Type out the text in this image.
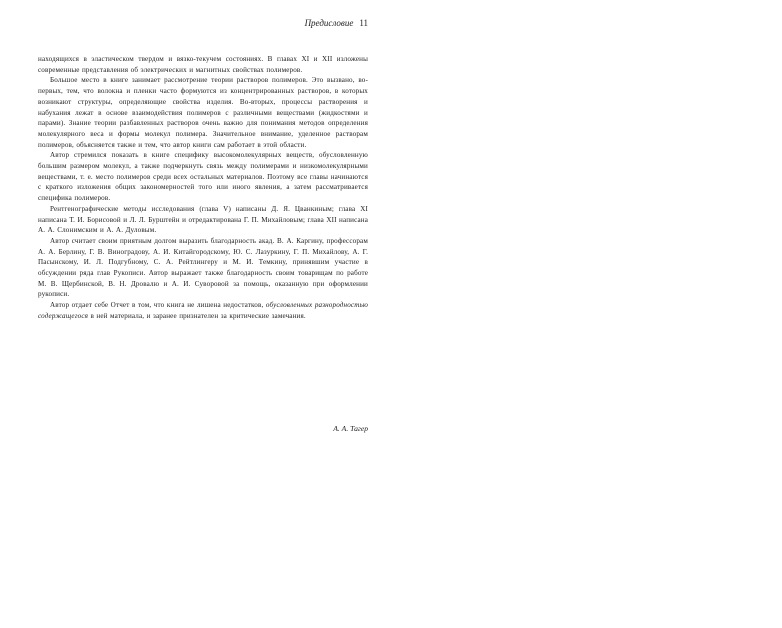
Предисловие 11

находящихся в эластическом твердом и вязко-текучем состояниях. В главах XI и XII изложены современные представления об электрических и магнитных свойствах полимеров.

Большое место в книге занимает рассмотрение теории растворов полимеров. Это вызвано, во-первых, тем, что волокна и пленки часто формуются из концентрированных растворов, в которых возникают структуры, определяющие свойства изделия. Во-вторых, процессы растворения и набухания лежат в основе взаимодействия полимеров с различными веществами (жидкостями и парами). Знание теории разбавленных растворов очень важно для понимания методов определения молекулярного веса и формы молекул полимера. Значительное внимание, уделенное растворам полимеров, объясняется также и тем, что автор книги сам работает в этой области.

Автор стремился показать в книге специфику высокомолекулярных веществ, обусловленную большим размером молекул, а также подчеркнуть связь между полимерами и низкомолекулярными веществами, т. е. место полимеров среди всех остальных материалов. Поэтому все главы начинаются с краткого изложения общих закономерностей того или иного явления, а затем рассматривается специфика полимеров.

Рентгенографические методы исследования (глава V) написаны Д. Я. Цванкиным; глава XI написана Т. И. Борисовой и Л. Л. Бурштейн и отредактирована Г. П. Михайловым; глава XII написана А. А. Слонимским и А. А. Дуловым.

Автор считает своим приятным долгом выразить благодарность акад. В. А. Каргину, профессорам А. А. Берлину, Г. В. Виноградову, А. И. Китайгородскому, Ю. С. Лазуркину, Г. П. Михайлову, А. Г. Пасынскому, И. Л. Подгубному, С. А. Рейтлингеру и М. И. Темкину, принявшим участие в обсуждении ряда глав Рукописи. Автор выражает также благодарность своим товарищам по работе М. В. Щербинской, В. Н. Дровалю и А. И. Суворовой за помощь, оказанную при оформлении рукописи.

Автор отдает себе Отчет в том, что книга не лишена недостатков, обусловленных разнородностью содержащегося в ней материала, и заранее признателен за критические замечания.

А. А. Тагер
